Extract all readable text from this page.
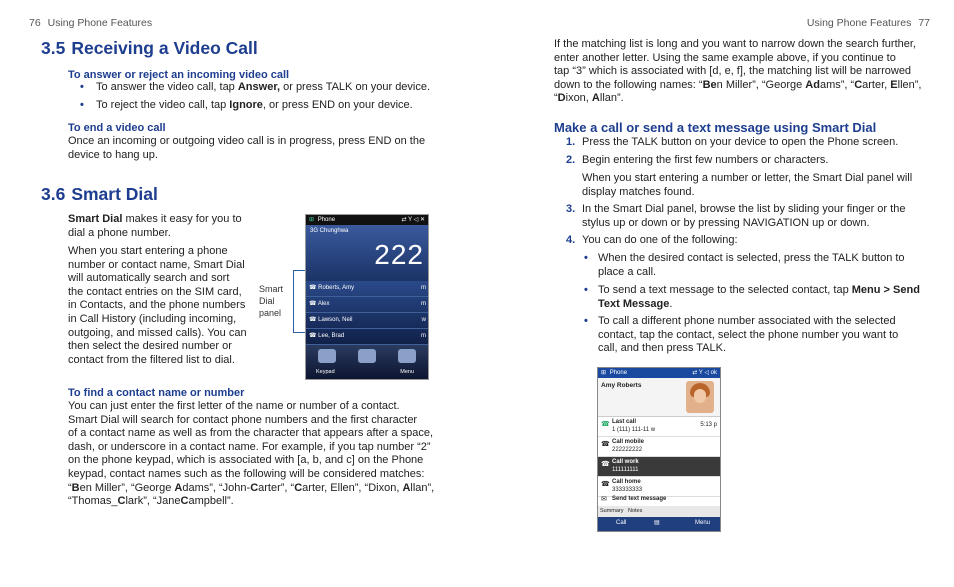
76 Using Phone Features	Using Phone Features 77
3.5 Receiving a Video Call
To answer or reject an incoming video call
• To answer the video call, tap Answer, or press TALK on your device.
• To reject the video call, tap Ignore, or press END on your device.
To end a video call
Once an incoming or outgoing video call is in progress, press END on the
device to hang up.
3.6 Smart Dial
Smart Dial makes it easy for you to
dial a phone number.
When you start entering a phone
number or contact name, Smart Dial
will automatically search and sort
the contact entries on the SIM card,
in Contacts, and the phone numbers
in Call History (including incoming,
outgoing, and missed calls). You can
then select the desired number or
contact from the filtered list to dial.
Smart
Dial
panel
⊞ Phone	⇄ Y ◁ ✕
3G Chunghwa
222
☎ Roberts, Amy	m
☎ Alex	m
☎ Lawson, Neil	w
☎ Lee, Brad	m
Keypad	Menu
To find a contact name or number
You can just enter the first letter of the name or number of a contact.
Smart Dial will search for contact phone numbers and the first character
of a contact name as well as from the character that appears after a space,
dash, or underscore in a contact name. For example, if you tap number “2”
on the phone keypad, which is associated with [a, b, and c] on the Phone
keypad, contact names such as the following will be considered matches:
“Ben Miller”, “George Adams”, “John-Carter”, “Carter, Ellen”, “Dixon, Allan”,
“Thomas_Clark”, “JaneCampbell”.
If the matching list is long and you want to narrow down the search further,
enter another letter. Using the same example above, if you continue to
tap “3” which is associated with [d, e, f], the matching list will be narrowed
down to the following names: “Ben Miller”, “George Adams”, “Carter, Ellen”,
“Dixon, Allan”.
Make a call or send a text message using Smart Dial
1. Press the TALK button on your device to open the Phone screen.
2. Begin entering the first few numbers or characters.
When you start entering a number or letter, the Smart Dial panel will
display matches found.
3. In the Smart Dial panel, browse the list by sliding your finger or the
stylus up or down or by pressing NAVIGATION up or down.
4. You can do one of the following:
• When the desired contact is selected, press the TALK button to
place a call.
• To send a text message to the selected contact, tap Menu > Send
Text Message.
• To call a different phone number associated with the selected
contact, tap the contact, select the phone number you want to
call, and then press TALK.
⊞ Phone	⇄ Y ◁ ok
Amy Roberts
☎ Last call
1 (111) 111-11 w
5:13 p
☎ Call mobile
222222222
☎ Call work
111111111
☎ Call home
333333333
✉ Send text message
Summary Notes
Call	▤	Menu
